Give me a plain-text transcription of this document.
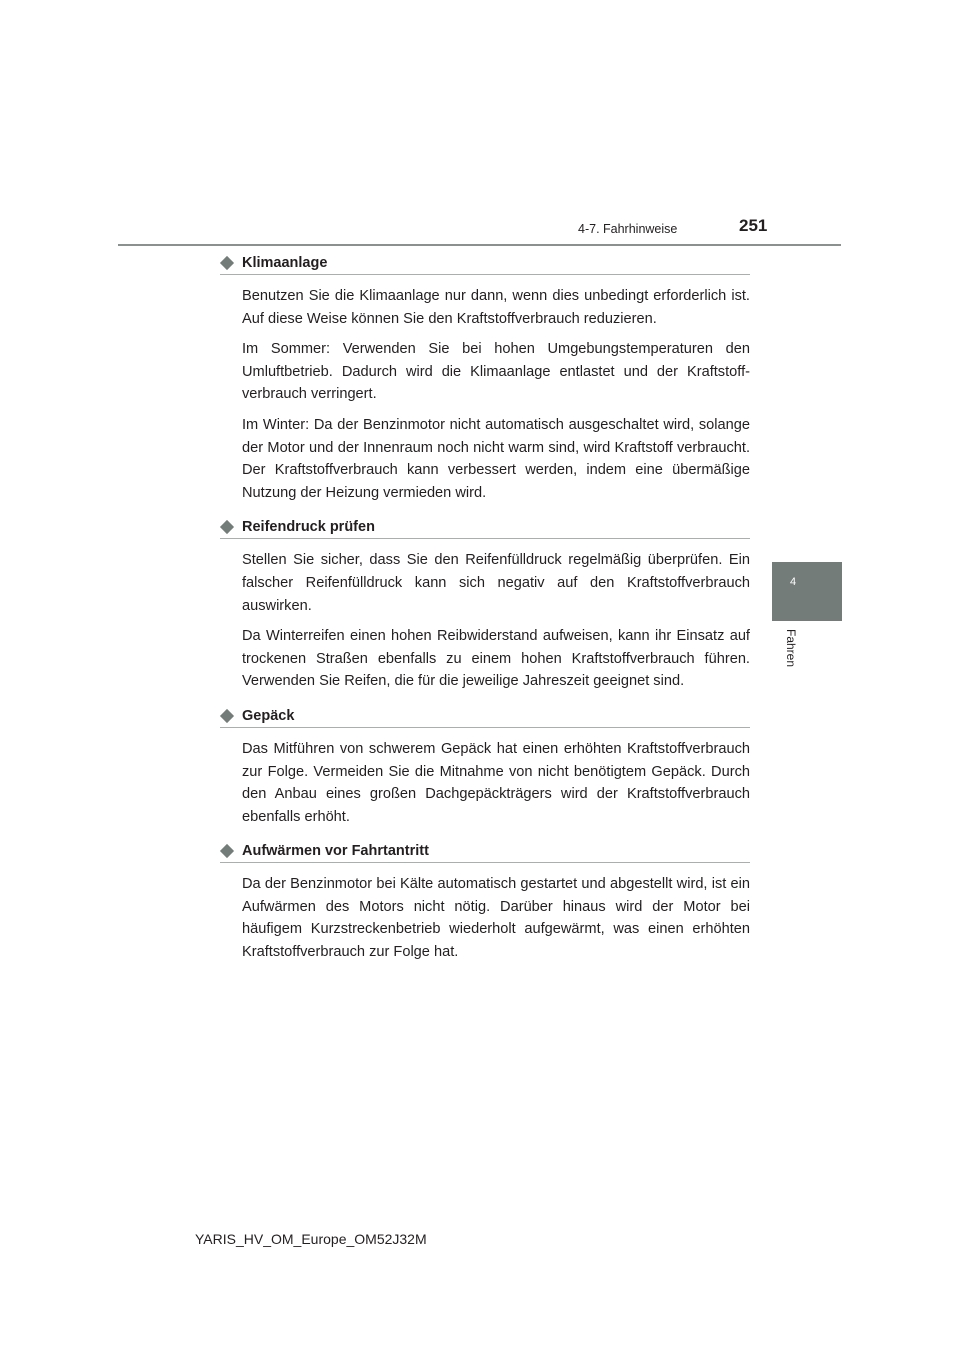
4-7. Fahrhinweise	251
4
Fahren
Klimaanlage

Benutzen Sie die Klimaanlage nur dann, wenn dies unbedingt erforderlich ist. Auf diese Weise können Sie den Kraftstoffverbrauch reduzieren.

Im Sommer: Verwenden Sie bei hohen Umgebungstemperaturen den Umluftbetrieb. Dadurch wird die Klimaanlage entlastet und der Kraftstoffverbrauch verringert.

Im Winter: Da der Benzinmotor nicht automatisch ausgeschaltet wird, solange der Motor und der Innenraum noch nicht warm sind, wird Kraftstoff verbraucht. Der Kraftstoffverbrauch kann verbessert werden, indem eine übermäßige Nutzung der Heizung vermieden wird.

Reifendruck prüfen

Stellen Sie sicher, dass Sie den Reifenfülldruck regelmäßig überprüfen. Ein falscher Reifenfülldruck kann sich negativ auf den Kraftstoffverbrauch auswirken.

Da Winterreifen einen hohen Reibwiderstand aufweisen, kann ihr Einsatz auf trockenen Straßen ebenfalls zu einem hohen Kraftstoffverbrauch führen. Verwenden Sie Reifen, die für die jeweilige Jahreszeit geeignet sind.

Gepäck

Das Mitführen von schwerem Gepäck hat einen erhöhten Kraftstoffverbrauch zur Folge. Vermeiden Sie die Mitnahme von nicht benötigtem Gepäck. Durch den Anbau eines großen Dachgepäckträgers wird der Kraftstoffverbrauch ebenfalls erhöht.

Aufwärmen vor Fahrtantritt

Da der Benzinmotor bei Kälte automatisch gestartet und abgestellt wird, ist ein Aufwärmen des Motors nicht nötig. Darüber hinaus wird der Motor bei häufigem Kurzstreckenbetrieb wiederholt aufgewärmt, was einen erhöhten Kraftstoffverbrauch zur Folge hat.

YARIS_HV_OM_Europe_OM52J32M
